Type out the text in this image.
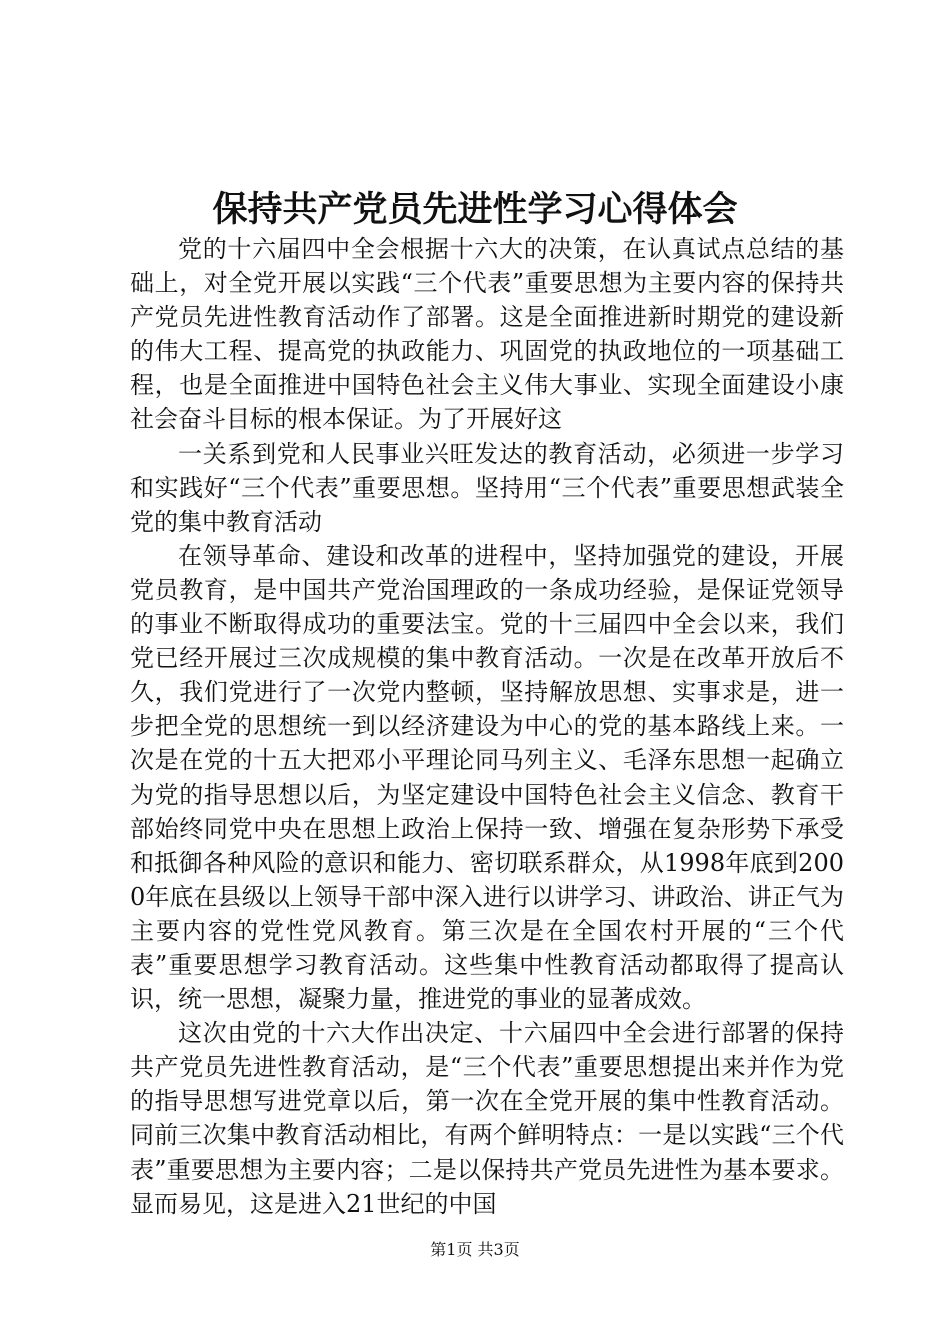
保持共产党员先进性学习心得体会

党的十六届四中全会根据十六大的决策，在认真试点总结的基础上，对全党开展以实践“三个代表”重要思想为主要内容的保持共产党员先进性教育活动作了部署。这是全面推进新时期党的建设新的伟大工程、提高党的执政能力、巩固党的执政地位的一项基础工程，也是全面推进中国特色社会主义伟大事业、实现全面建设小康社会奋斗目标的根本保证。为了开展好这

一关系到党和人民事业兴旺发达的教育活动，必须进一步学习和实践好“三个代表”重要思想。坚持用“三个代表”重要思想武装全党的集中教育活动

在领导革命、建设和改革的进程中，坚持加强党的建设，开展党员教育，是中国共产党治国理政的一条成功经验，是保证党领导的事业不断取得成功的重要法宝。党的十三届四中全会以来，我们党已经开展过三次成规模的集中教育活动。一次是在改革开放后不久，我们党进行了一次党内整顿，坚持解放思想、实事求是，进一步把全党的思想统一到以经济建设为中心的党的基本路线上来。一次是在党的十五大把邓小平理论同马列主义、毛泽东思想一起确立为党的指导思想以后，为坚定建设中国特色社会主义信念、教育干部始终同党中央在思想上政治上保持一致、增强在复杂形势下承受和抵御各种风险的意识和能力、密切联系群众，从1998年底到2000年底在县级以上领导干部中深入进行以讲学习、讲政治、讲正气为主要内容的党性党风教育。第三次是在全国农村开展的“三个代表”重要思想学习教育活动。这些集中性教育活动都取得了提高认识，统一思想，凝聚力量，推进党的事业的显著成效。

这次由党的十六大作出决定、十六届四中全会进行部署的保持共产党员先进性教育活动，是“三个代表”重要思想提出来并作为党的指导思想写进党章以后，第一次在全党开展的集中性教育活动。同前三次集中教育活动相比，有两个鲜明特点：一是以实践“三个代表”重要思想为主要内容；二是以保持共产党员先进性为基本要求。显而易见，这是进入21世纪的中国

第1页 共3页
